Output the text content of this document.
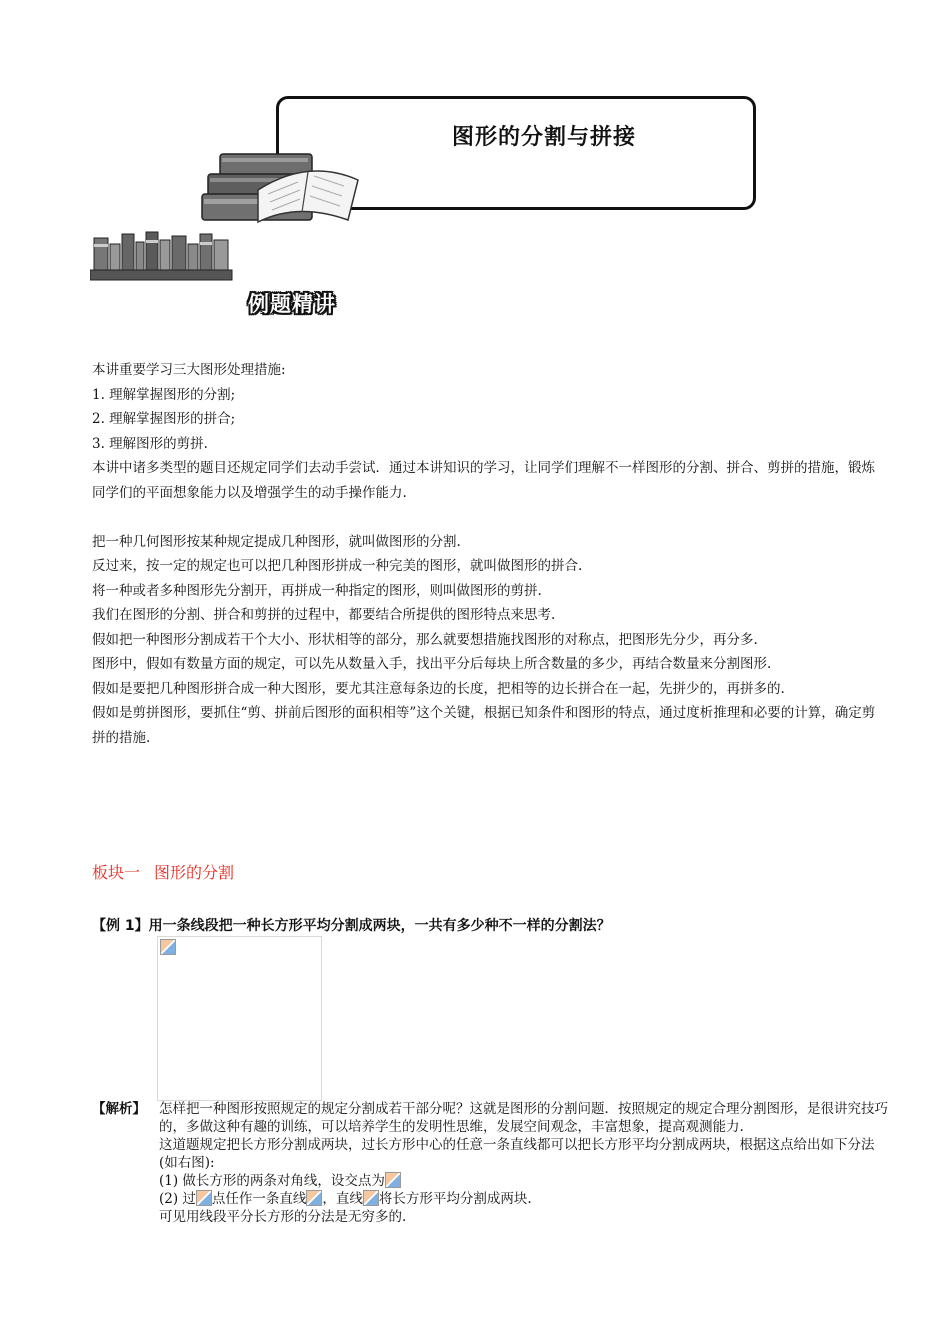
图形的分割与拼接
例题精讲

本讲重要学习三大图形处理措施:

1. 理解掌握图形的分割;

2. 理解掌握图形的拼合;

3. 理解图形的剪拼.

本讲中诸多类型的题目还规定同学们去动手尝试．通过本讲知识的学习，让同学们理解不一样图形的分割、拼合、剪拼的措施，锻炼同学们的平面想象能力以及增强学生的动手操作能力.

把一种几何图形按某种规定提成几种图形，就叫做图形的分割.

反过来，按一定的规定也可以把几种图形拼成一种完美的图形，就叫做图形的拼合.

将一种或者多种图形先分割开，再拼成一种指定的图形，则叫做图形的剪拼.

我们在图形的分割、拼合和剪拼的过程中，都要结合所提供的图形特点来思考.

假如把一种图形分割成若干个大小、形状相等的部分，那么就要想措施找图形的对称点，把图形先分少，再分多.

图形中，假如有数量方面的规定，可以先从数量入手，找出平分后每块上所含数量的多少，再结合数量来分割图形.

假如是要把几种图形拼合成一种大图形，要尤其注意每条边的长度，把相等的边长拼合在一起，先拼少的，再拼多的.

假如是剪拼图形，要抓住“剪、拼前后图形的面积相等”这个关键，根据已知条件和图形的特点，通过度析推理和必要的计算，确定剪拼的措施.

板块一 图形的分割
【例 1】用一条线段把一种长方形平均分割成两块，一共有多少种不一样的分割法？
【解析】 怎样把一种图形按照规定的规定分割成若干部分呢？这就是图形的分割问题．按照规定的规定合理分割图形，是很讲究技巧的，多做这种有趣的训练，可以培养学生的发明性思维，发展空间观念，丰富想象，提高观测能力.

这道题规定把长方形分割成两块，过长方形中心的任意一条直线都可以把长方形平均分割成两块，根据这点给出如下分法(如右图):

(1) 做长方形的两条对角线，设交点为

(2) 过 点任作一条直线 ，直线 将长方形平均分割成两块.

可见用线段平分长方形的分法是无穷多的.
